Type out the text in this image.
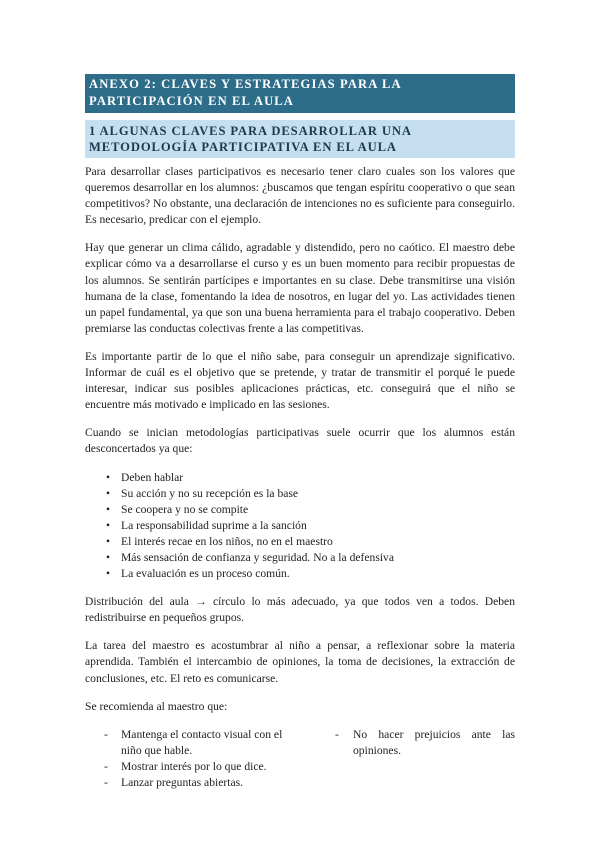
ANEXO 2: CLAVES Y ESTRATEGIAS PARA LA PARTICIPACIÓN EN EL AULA
1 ALGUNAS CLAVES PARA DESARROLLAR UNA METODOLOGÍA PARTICIPATIVA EN EL AULA

Para desarrollar clases participativos es necesario tener claro cuales son los valores que queremos desarrollar en los alumnos: ¿buscamos que tengan espíritu cooperativo o que sean competitivos? No obstante, una declaración de intenciones no es suficiente para conseguirlo. Es necesario, predicar con el ejemplo.

Hay que generar un clima cálido, agradable y distendido, pero no caótico. El maestro debe explicar cómo va a desarrollarse el curso y es un buen momento para recibir propuestas de los alumnos. Se sentirán partícipes e importantes en su clase. Debe transmitirse una visión humana de la clase, fomentando la idea de nosotros, en lugar del yo. Las actividades tienen un papel fundamental, ya que son una buena herramienta para el trabajo cooperativo. Deben premiarse las conductas colectivas frente a las competitivas.

Es importante partir de lo que el niño sabe, para conseguir un aprendizaje significativo. Informar de cuál es el objetivo que se pretende, y tratar de transmitir el porqué le puede interesar, indicar sus posibles aplicaciones prácticas, etc. conseguirá que el niño se encuentre más motivado e implicado en las sesiones.

Cuando se inician metodologías participativas suele ocurrir que los alumnos están desconcertados ya que:

• Deben hablar
• Su acción y no su recepción es la base
• Se coopera y no se compite
• La responsabilidad suprime a la sanción
• El interés recae en los niños, no en el maestro
• Más sensación de confianza y seguridad. No a la defensiva
• La evaluación es un proceso común.

Distribución del aula → círculo lo más adecuado, ya que todos ven a todos. Deben redistribuirse en pequeños grupos.

La tarea del maestro es acostumbrar al niño a pensar, a reflexionar sobre la materia aprendida. También el intercambio de opiniones, la toma de decisiones, la extracción de conclusiones, etc. El reto es comunicarse.

Se recomienda al maestro que:

- Mantenga el contacto visual con el niño que hable.
- Mostrar interés por lo que dice.
- Lanzar preguntas abiertas.
- No hacer prejuicios ante las opiniones.
